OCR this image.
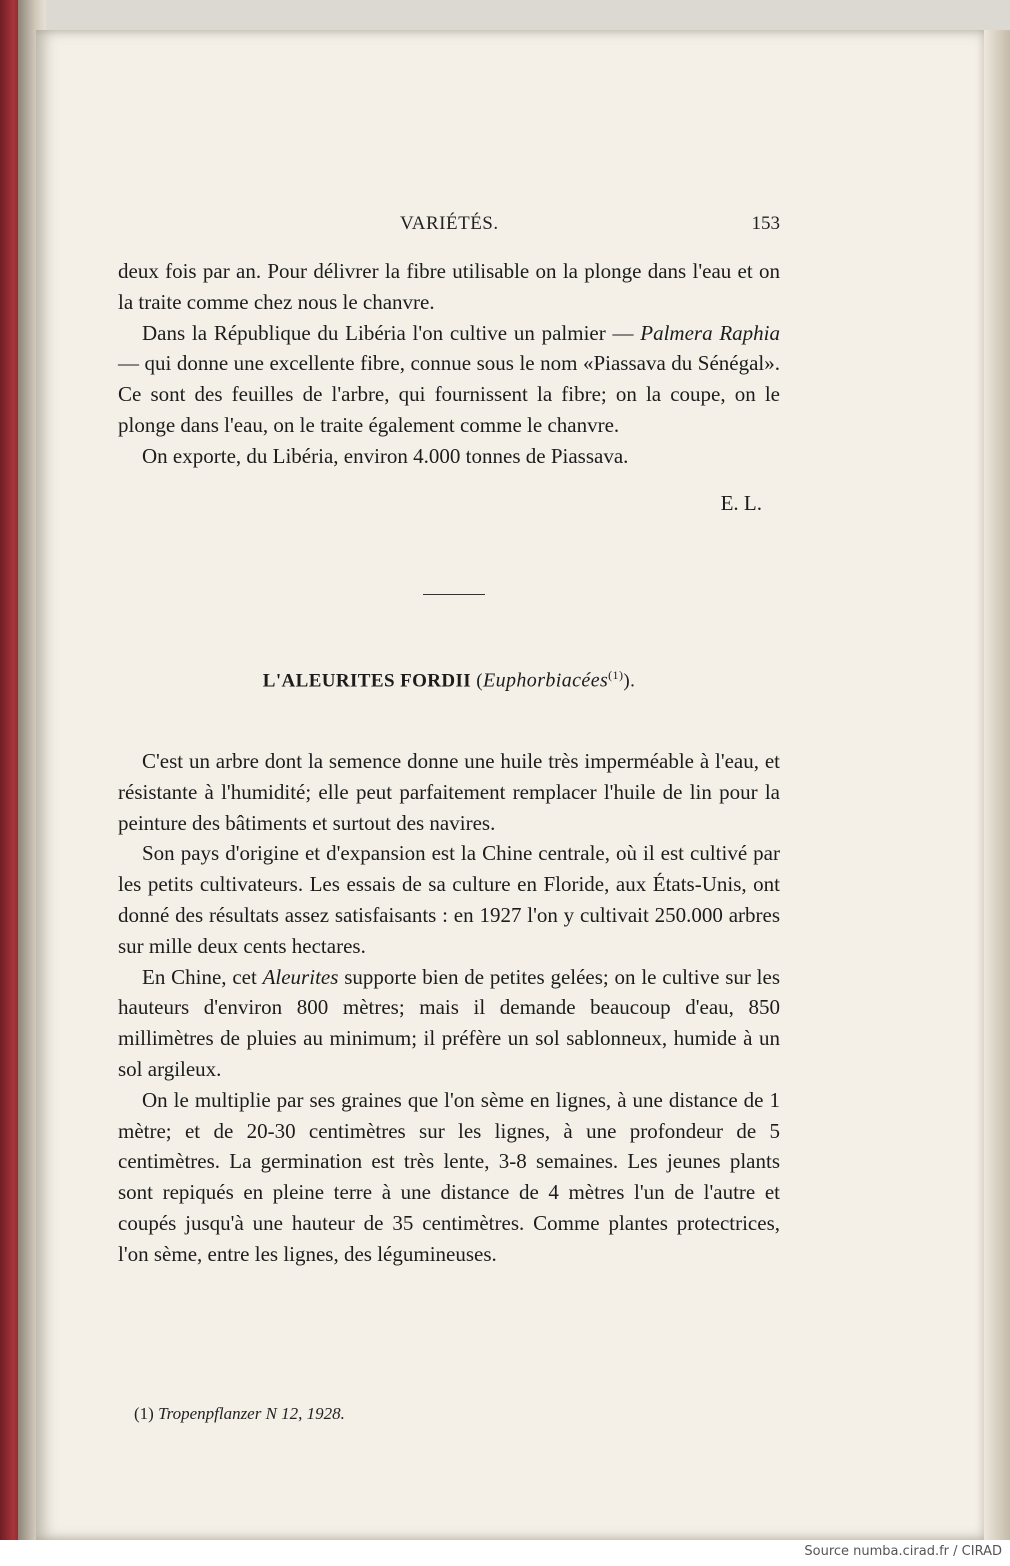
VARIÉTÉS.	153

deux fois par an. Pour délivrer la fibre utilisable on la plonge dans l'eau et on la traite comme chez nous le chanvre.

Dans la République du Libéria l'on cultive un palmier — Palmera Raphia — qui donne une excellente fibre, connue sous le nom «Piassava du Sénégal». Ce sont des feuilles de l'arbre, qui fournissent la fibre; on la coupe, on le plonge dans l'eau, on le traite également comme le chanvre.

On exporte, du Libéria, environ 4.000 tonnes de Piassava.

E. L.
L'ALEURITES FORDII (Euphorbiacées$^{(1)}$).

C'est un arbre dont la semence donne une huile très imperméable à l'eau, et résistante à l'humidité; elle peut parfaitement remplacer l'huile de lin pour la peinture des bâtiments et surtout des navires.

Son pays d'origine et d'expansion est la Chine centrale, où il est cultivé par les petits cultivateurs. Les essais de sa culture en Floride, aux États-Unis, ont donné des résultats assez satisfaisants : en 1927 l'on y cultivait 250.000 arbres sur mille deux cents hectares.

En Chine, cet Aleurites supporte bien de petites gelées; on le cultive sur les hauteurs d'environ 800 mètres; mais il demande beaucoup d'eau, 850 millimètres de pluies au minimum; il préfère un sol sablonneux, humide à un sol argileux.

On le multiplie par ses graines que l'on sème en lignes, à une distance de 1 mètre; et de 20-30 centimètres sur les lignes, à une profondeur de 5 centimètres. La germination est très lente, 3-8 semaines. Les jeunes plants sont repiqués en pleine terre à une distance de 4 mètres l'un de l'autre et coupés jusqu'à une hauteur de 35 centimètres. Comme plantes protectrices, l'on sème, entre les lignes, des légumineuses.

(1) Tropenpflanzer N 12, 1928.
Source numba.cirad.fr / CIRAD
